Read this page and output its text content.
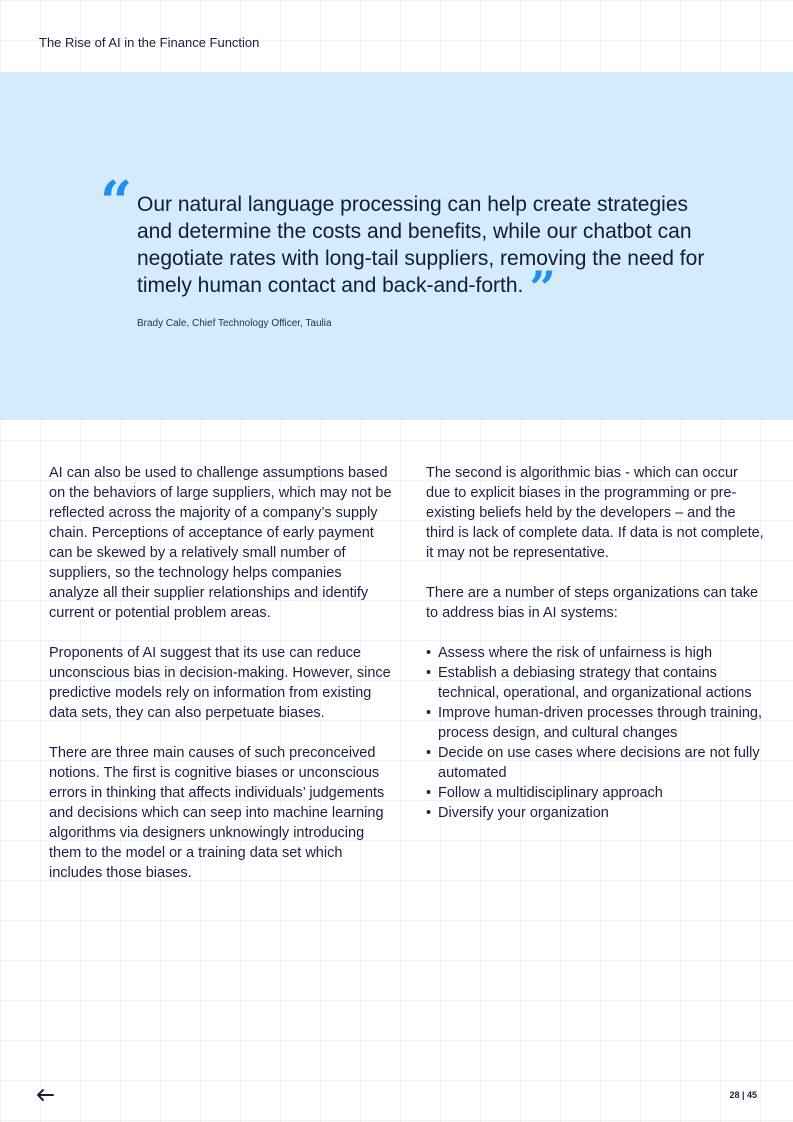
The Rise of AI in the Finance Function
“ Our natural language processing can help create strategies and determine the costs and benefits, while our chatbot can negotiate rates with long-tail suppliers, removing the need for timely human contact and back-and-forth. ”

Brady Cale, Chief Technology Officer, Taulia

AI can also be used to challenge assumptions based on the behaviors of large suppliers, which may not be reflected across the majority of a company’s supply chain. Perceptions of acceptance of early payment can be skewed by a relatively small number of suppliers, so the technology helps companies analyze all their supplier relationships and identify current or potential problem areas.

Proponents of AI suggest that its use can reduce unconscious bias in decision-making. However, since predictive models rely on information from existing data sets, they can also perpetuate biases.

There are three main causes of such preconceived notions. The first is cognitive biases or unconscious errors in thinking that affects individuals’ judgements and decisions which can seep into machine learning algorithms via designers unknowingly introducing them to the model or a training data set which includes those biases.

The second is algorithmic bias - which can occur due to explicit biases in the programming or pre-existing beliefs held by the developers – and the third is lack of complete data. If data is not complete, it may not be representative.

There are a number of steps organizations can take to address bias in AI systems:

• Assess where the risk of unfairness is high
• Establish a debiasing strategy that contains technical, operational, and organizational actions
• Improve human-driven processes through training, process design, and cultural changes
• Decide on use cases where decisions are not fully automated
• Follow a multidisciplinary approach
• Diversify your organization
28 | 45
